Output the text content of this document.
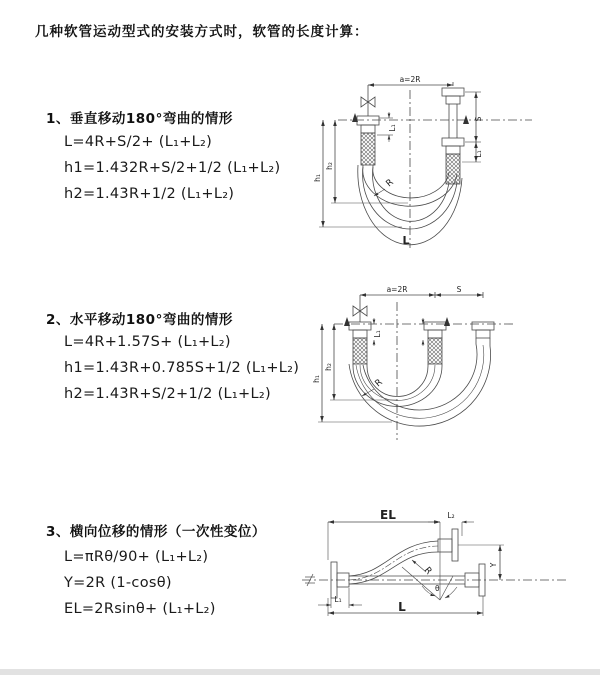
几种软管运动型式的安装方式时，软管的长度计算：
1、垂直移动180°弯曲的情形
L=4R+S/2+ (L₁+L₂)
h1=1.432R+S/2+1/2 (L₁+L₂)
h2=1.43R+1/2 (L₁+L₂)
2、水平移动180°弯曲的情形
L=4R+1.57S+ (L₁+L₂)
h1=1.43R+0.785S+1/2 (L₁+L₂)
h2=1.43R+S/2+1/2 (L₁+L₂)
3、横向位移的情形（一次性变位）
L=πRθ/90+ (L₁+L₂)
Y=2R (1-cosθ)
EL=2Rsinθ+ (L₁+L₂)
a=2R
S
L₁
L₁
h₁
h₂
R
L
a=2R	S
L₁
h₁
h₂
R
EL	L₂
Y
L
L₁
R
θ
